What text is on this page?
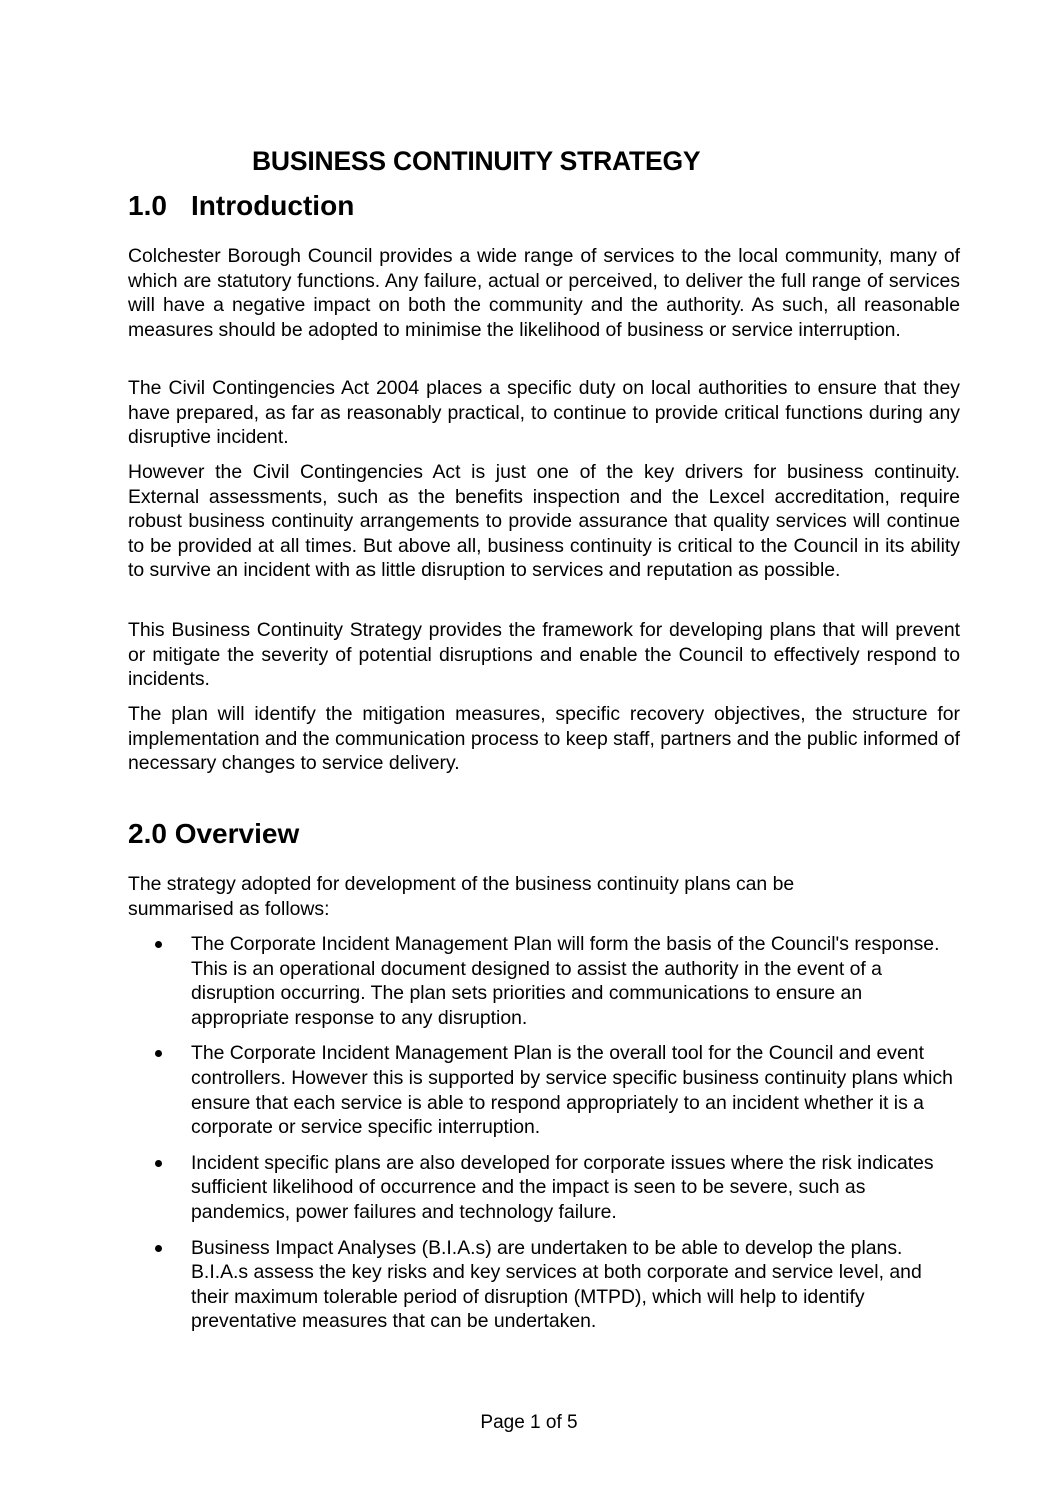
BUSINESS CONTINUITY STRATEGY
1.0 Introduction

Colchester Borough Council provides a wide range of services to the local community, many of which are statutory functions. Any failure, actual or perceived, to deliver the full range of services will have a negative impact on both the community and the authority. As such, all reasonable measures should be adopted to minimise the likelihood of business or service interruption.

The Civil Contingencies Act 2004 places a specific duty on local authorities to ensure that they have prepared, as far as reasonably practical, to continue to provide critical functions during any disruptive incident.

However the Civil Contingencies Act is just one of the key drivers for business continuity. External assessments, such as the benefits inspection and the Lexcel accreditation, require robust business continuity arrangements to provide assurance that quality services will continue to be provided at all times. But above all, business continuity is critical to the Council in its ability to survive an incident with as little disruption to services and reputation as possible.

This Business Continuity Strategy provides the framework for developing plans that will prevent or mitigate the severity of potential disruptions and enable the Council to effectively respond to incidents.

The plan will identify the mitigation measures, specific recovery objectives, the structure for implementation and the communication process to keep staff, partners and the public informed of necessary changes to service delivery.

2.0 Overview

The strategy adopted for development of the business continuity plans can be summarised as follows:

The Corporate Incident Management Plan will form the basis of the Council's response. This is an operational document designed to assist the authority in the event of a disruption occurring. The plan sets priorities and communications to ensure an appropriate response to any disruption.
The Corporate Incident Management Plan is the overall tool for the Council and event controllers. However this is supported by service specific business continuity plans which ensure that each service is able to respond appropriately to an incident whether it is a corporate or service specific interruption.
Incident specific plans are also developed for corporate issues where the risk indicates sufficient likelihood of occurrence and the impact is seen to be severe, such as pandemics, power failures and technology failure.
Business Impact Analyses (B.I.A.s) are undertaken to be able to develop the plans. B.I.A.s assess the key risks and key services at both corporate and service level, and their maximum tolerable period of disruption (MTPD), which will help to identify preventative measures that can be undertaken.
Page 1 of 5
